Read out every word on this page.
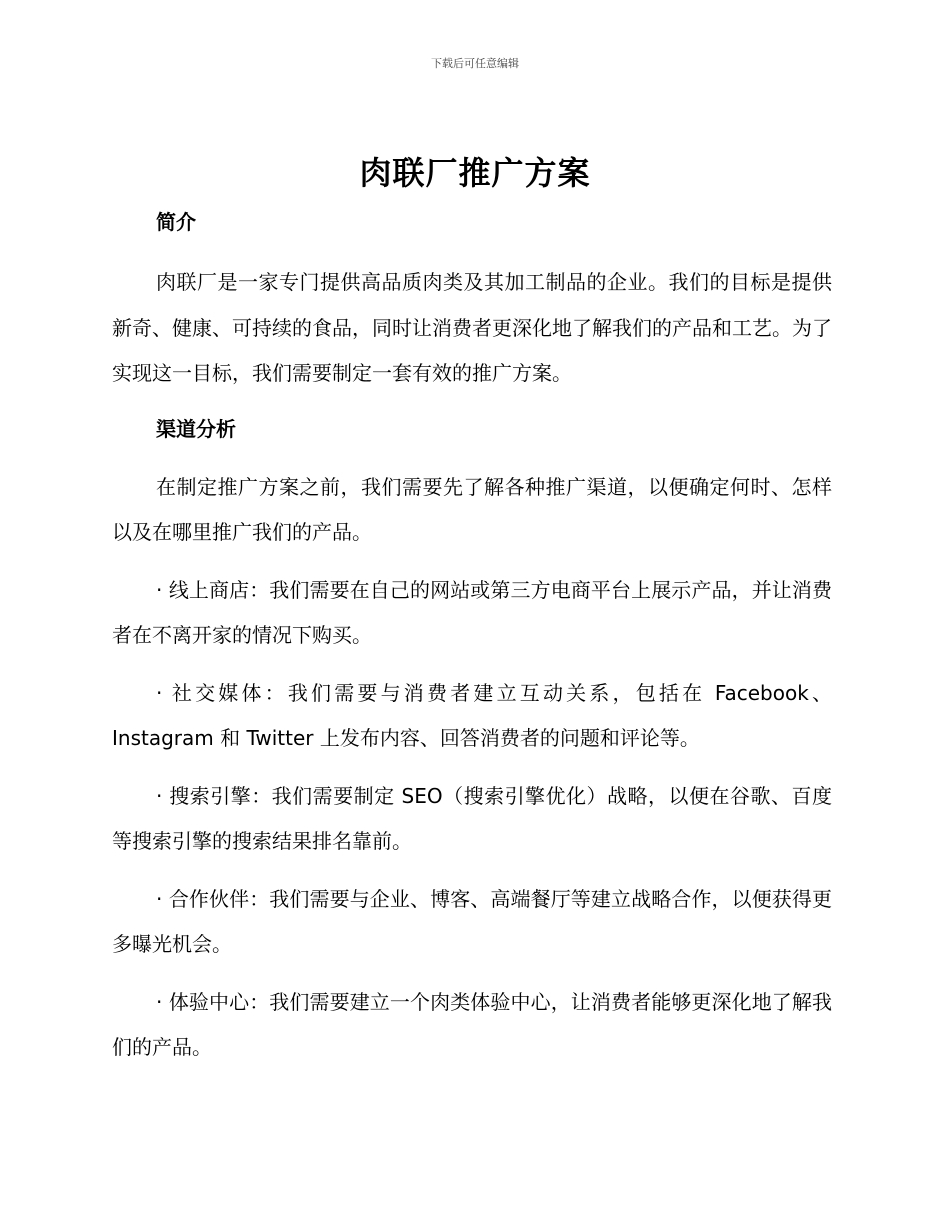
下载后可任意编辑
肉联厂推广方案
简介

肉联厂是一家专门提供高品质肉类及其加工制品的企业。我们的目标是提供新奇、健康、可持续的食品，同时让消费者更深化地了解我们的产品和工艺。为了实现这一目标，我们需要制定一套有效的推广方案。

渠道分析

在制定推广方案之前，我们需要先了解各种推广渠道，以便确定何时、怎样以及在哪里推广我们的产品。

· 线上商店：我们需要在自己的网站或第三方电商平台上展示产品，并让消费者在不离开家的情况下购买。

· 社交媒体：我们需要与消费者建立互动关系，包括在 Facebook、Instagram 和 Twitter 上发布内容、回答消费者的问题和评论等。

· 搜索引擎：我们需要制定 SEO（搜索引擎优化）战略，以便在谷歌、百度等搜索引擎的搜索结果排名靠前。

· 合作伙伴：我们需要与企业、博客、高端餐厅等建立战略合作，以便获得更多曝光机会。

· 体验中心：我们需要建立一个肉类体验中心，让消费者能够更深化地了解我们的产品。
